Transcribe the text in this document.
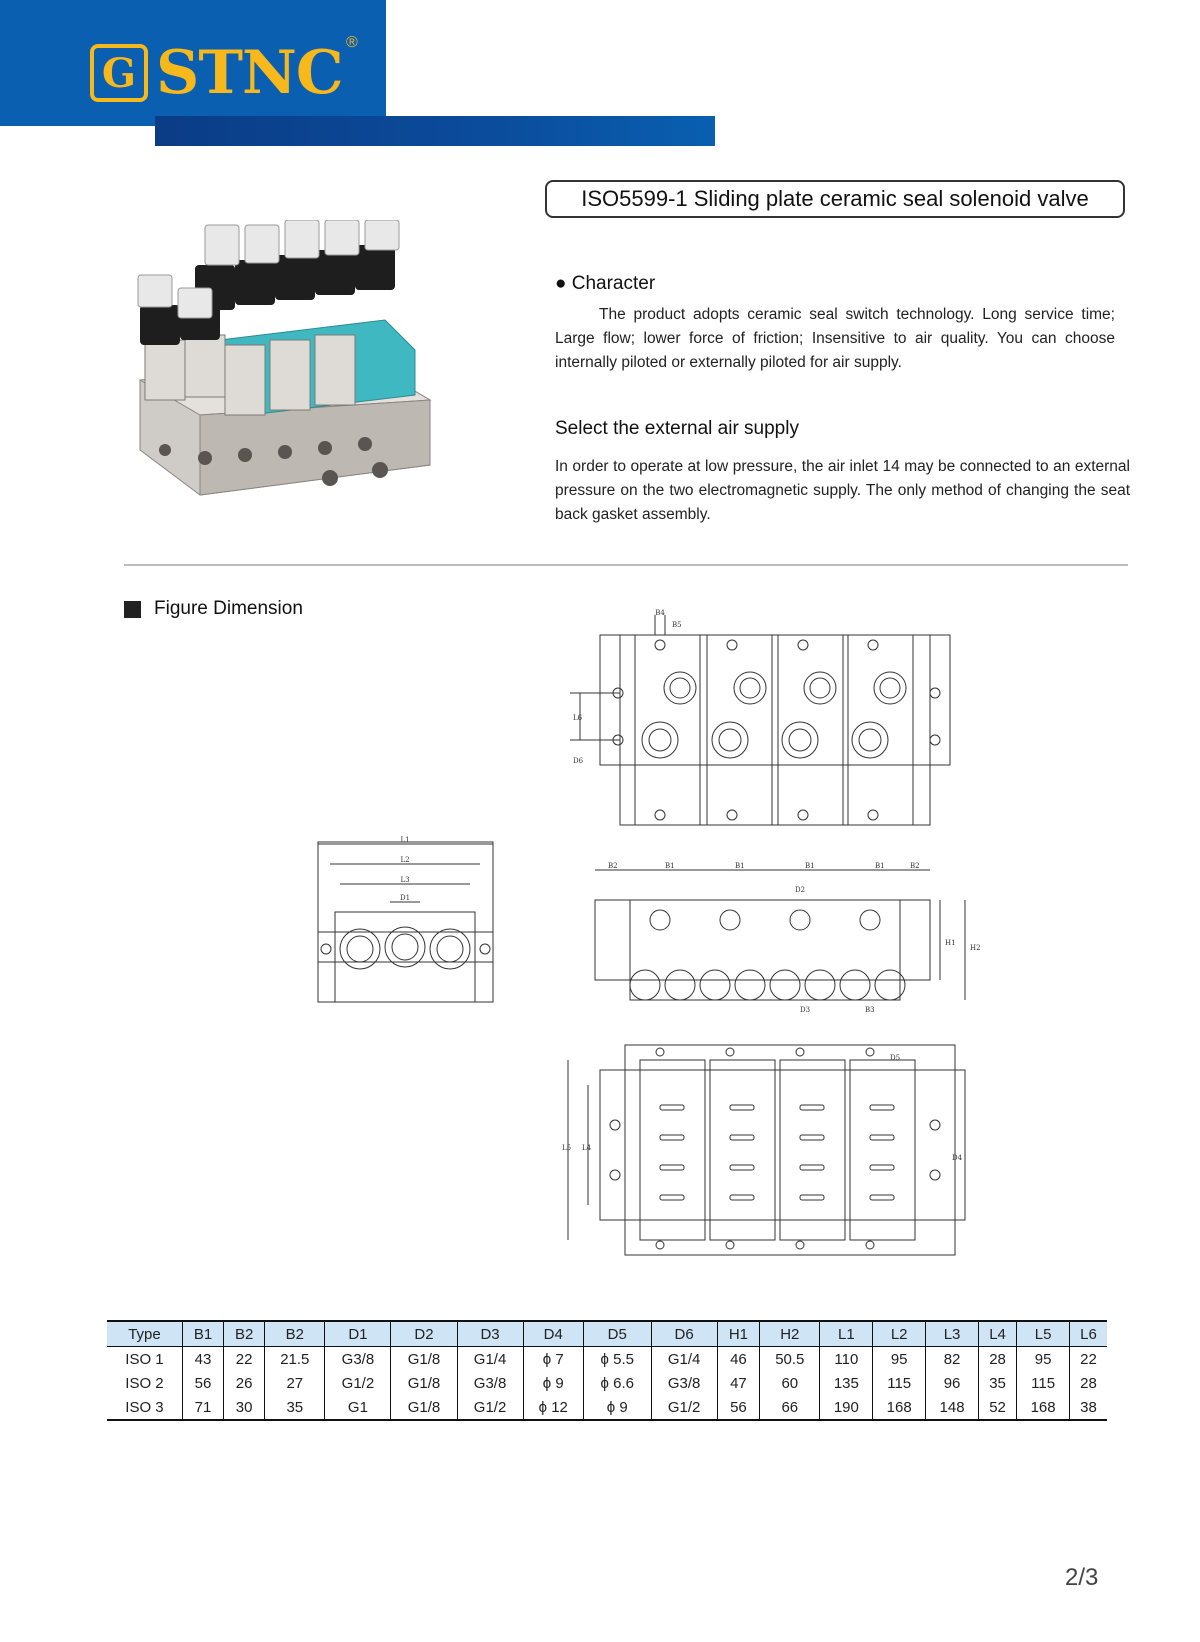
G STNC ®
ISO5599-1 Sliding plate ceramic seal solenoid valve
● Character
The product adopts ceramic seal switch technology. Long service time; Large flow; lower force of friction; Insensitive to air quality. You can choose internally piloted or externally piloted for air supply.
Select the external air supply
In order to operate at low pressure, the air inlet 14 may be connected to an external pressure on the two electromagnetic supply. The only method of changing the seat back gasket assembly.
Figure Dimension	B4
B5
L6
D6
L1
L2
L3
D1
B2	B1	B1	B1	B1	B2
D2
H1
H2
D3	B3
L5 L4
D5
D4
Type	B1	B2	B2	D1	D2	D3	D4	D5	D6	H1	H2	L1	L2	L3	L4	L5	L6
ISO 1	43	22	21.5	G3/8	G1/8	G1/4	ϕ 7	ϕ 5.5	G1/4	46	50.5	110	95	82	28	95	22
ISO 2	56	26	27	G1/2	G1/8	G3/8	ϕ 9	ϕ 6.6	G3/8	47	60	135	115	96	35	115	28
ISO 3	71	30	35	G1	G1/8	G1/2	ϕ 12	ϕ 9	G1/2	56	66	190	168	148	52	168	38
2/3
